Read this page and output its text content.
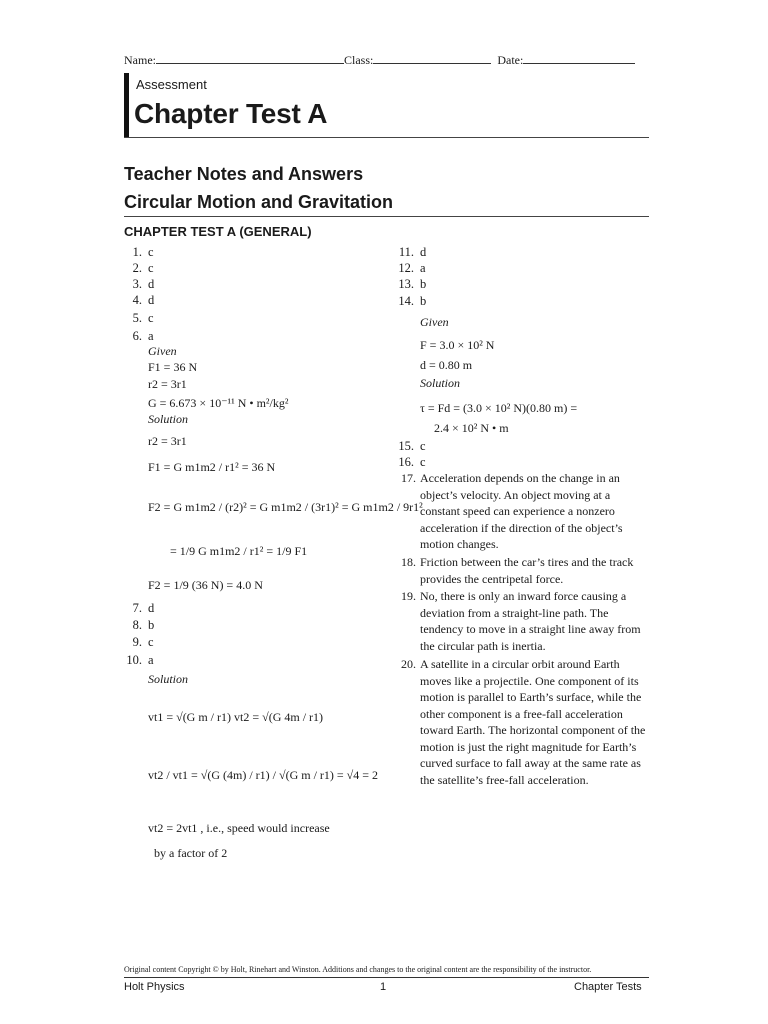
Name:	Class:	Date:
Assessment
Chapter Test A
Teacher Notes and Answers
Circular Motion and Gravitation
CHAPTER TEST A (GENERAL)
1. c
2. c
3. d
4. d
5. c
6. a
Given
F1 = 36 N
r2 = 3r1
G = 6.673 × 10⁻¹¹ N • m²/kg²
Solution
r2 = 3r1
F1 = G m1m2 / r1² = 36 N
F2 = G m1m2 / (r2)² = G m1m2 / (3r1)² = G m1m2 / 9r1²
= 1/9 G m1m2 / r1² = 1/9 F1
F2 = 1/9 (36 N) = 4.0 N
7. d
8. b
9. c
10. a
Solution
vt1 = √(G m / r1) vt2 = √(G 4m / r1)
vt2 / vt1 = √(G (4m) / r1) / √(G m / r1) = √4 = 2
vt2 = 2vt1 , i.e., speed would increase
by a factor of 2
11. d
12. a
13. b
14. b
Given
F = 3.0 × 10² N
d = 0.80 m
Solution
τ = Fd = (3.0 × 10² N)(0.80 m) =
2.4 × 10² N • m
15. c
16. c
17. Acceleration depends on the change in an object’s velocity. An object moving at a constant speed can experience a nonzero acceleration if the direction of the object’s motion changes.
18. Friction between the car’s tires and the track provides the centripetal force.
19. No, there is only an inward force causing a deviation from a straight-line path. The tendency to move in a straight line away from the circular path is inertia.
20. A satellite in a circular orbit around Earth moves like a projectile. One component of its motion is parallel to Earth’s surface, while the other component is a free-fall acceleration toward Earth. The horizontal component of the motion is just the right magnitude for Earth’s curved surface to fall away at the same rate as the satellite’s free-fall acceleration.
Original content Copyright © by Holt, Rinehart and Winston. Additions and changes to the original content are the responsibility of the instructor.
Holt Physics	1	Chapter Tests
